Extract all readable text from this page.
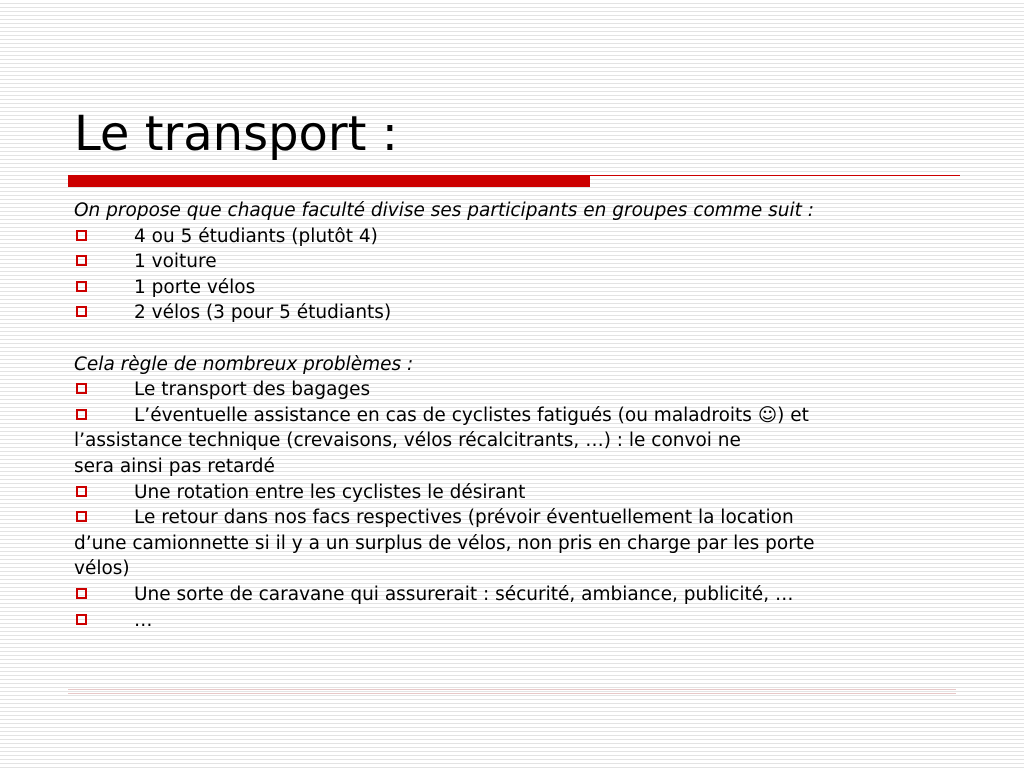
Le transport :
On propose que chaque faculté divise ses participants en groupes comme suit :
4 ou 5 étudiants (plutôt 4)
1 voiture
1 porte vélos
2 vélos (3 pour 5 étudiants)
Cela règle de nombreux problèmes :
Le transport des bagages
L’éventuelle assistance en cas de cyclistes fatigués (ou maladroits ☺) et
l’assistance technique (crevaisons, vélos récalcitrants, …) : le convoi ne
sera ainsi pas retardé
Une rotation entre les cyclistes le désirant
Le retour dans nos facs respectives (prévoir éventuellement la location
d’une camionnette si il y a un surplus de vélos, non pris en charge par les porte
vélos)
Une sorte de caravane qui assurerait : sécurité, ambiance, publicité, …
…
